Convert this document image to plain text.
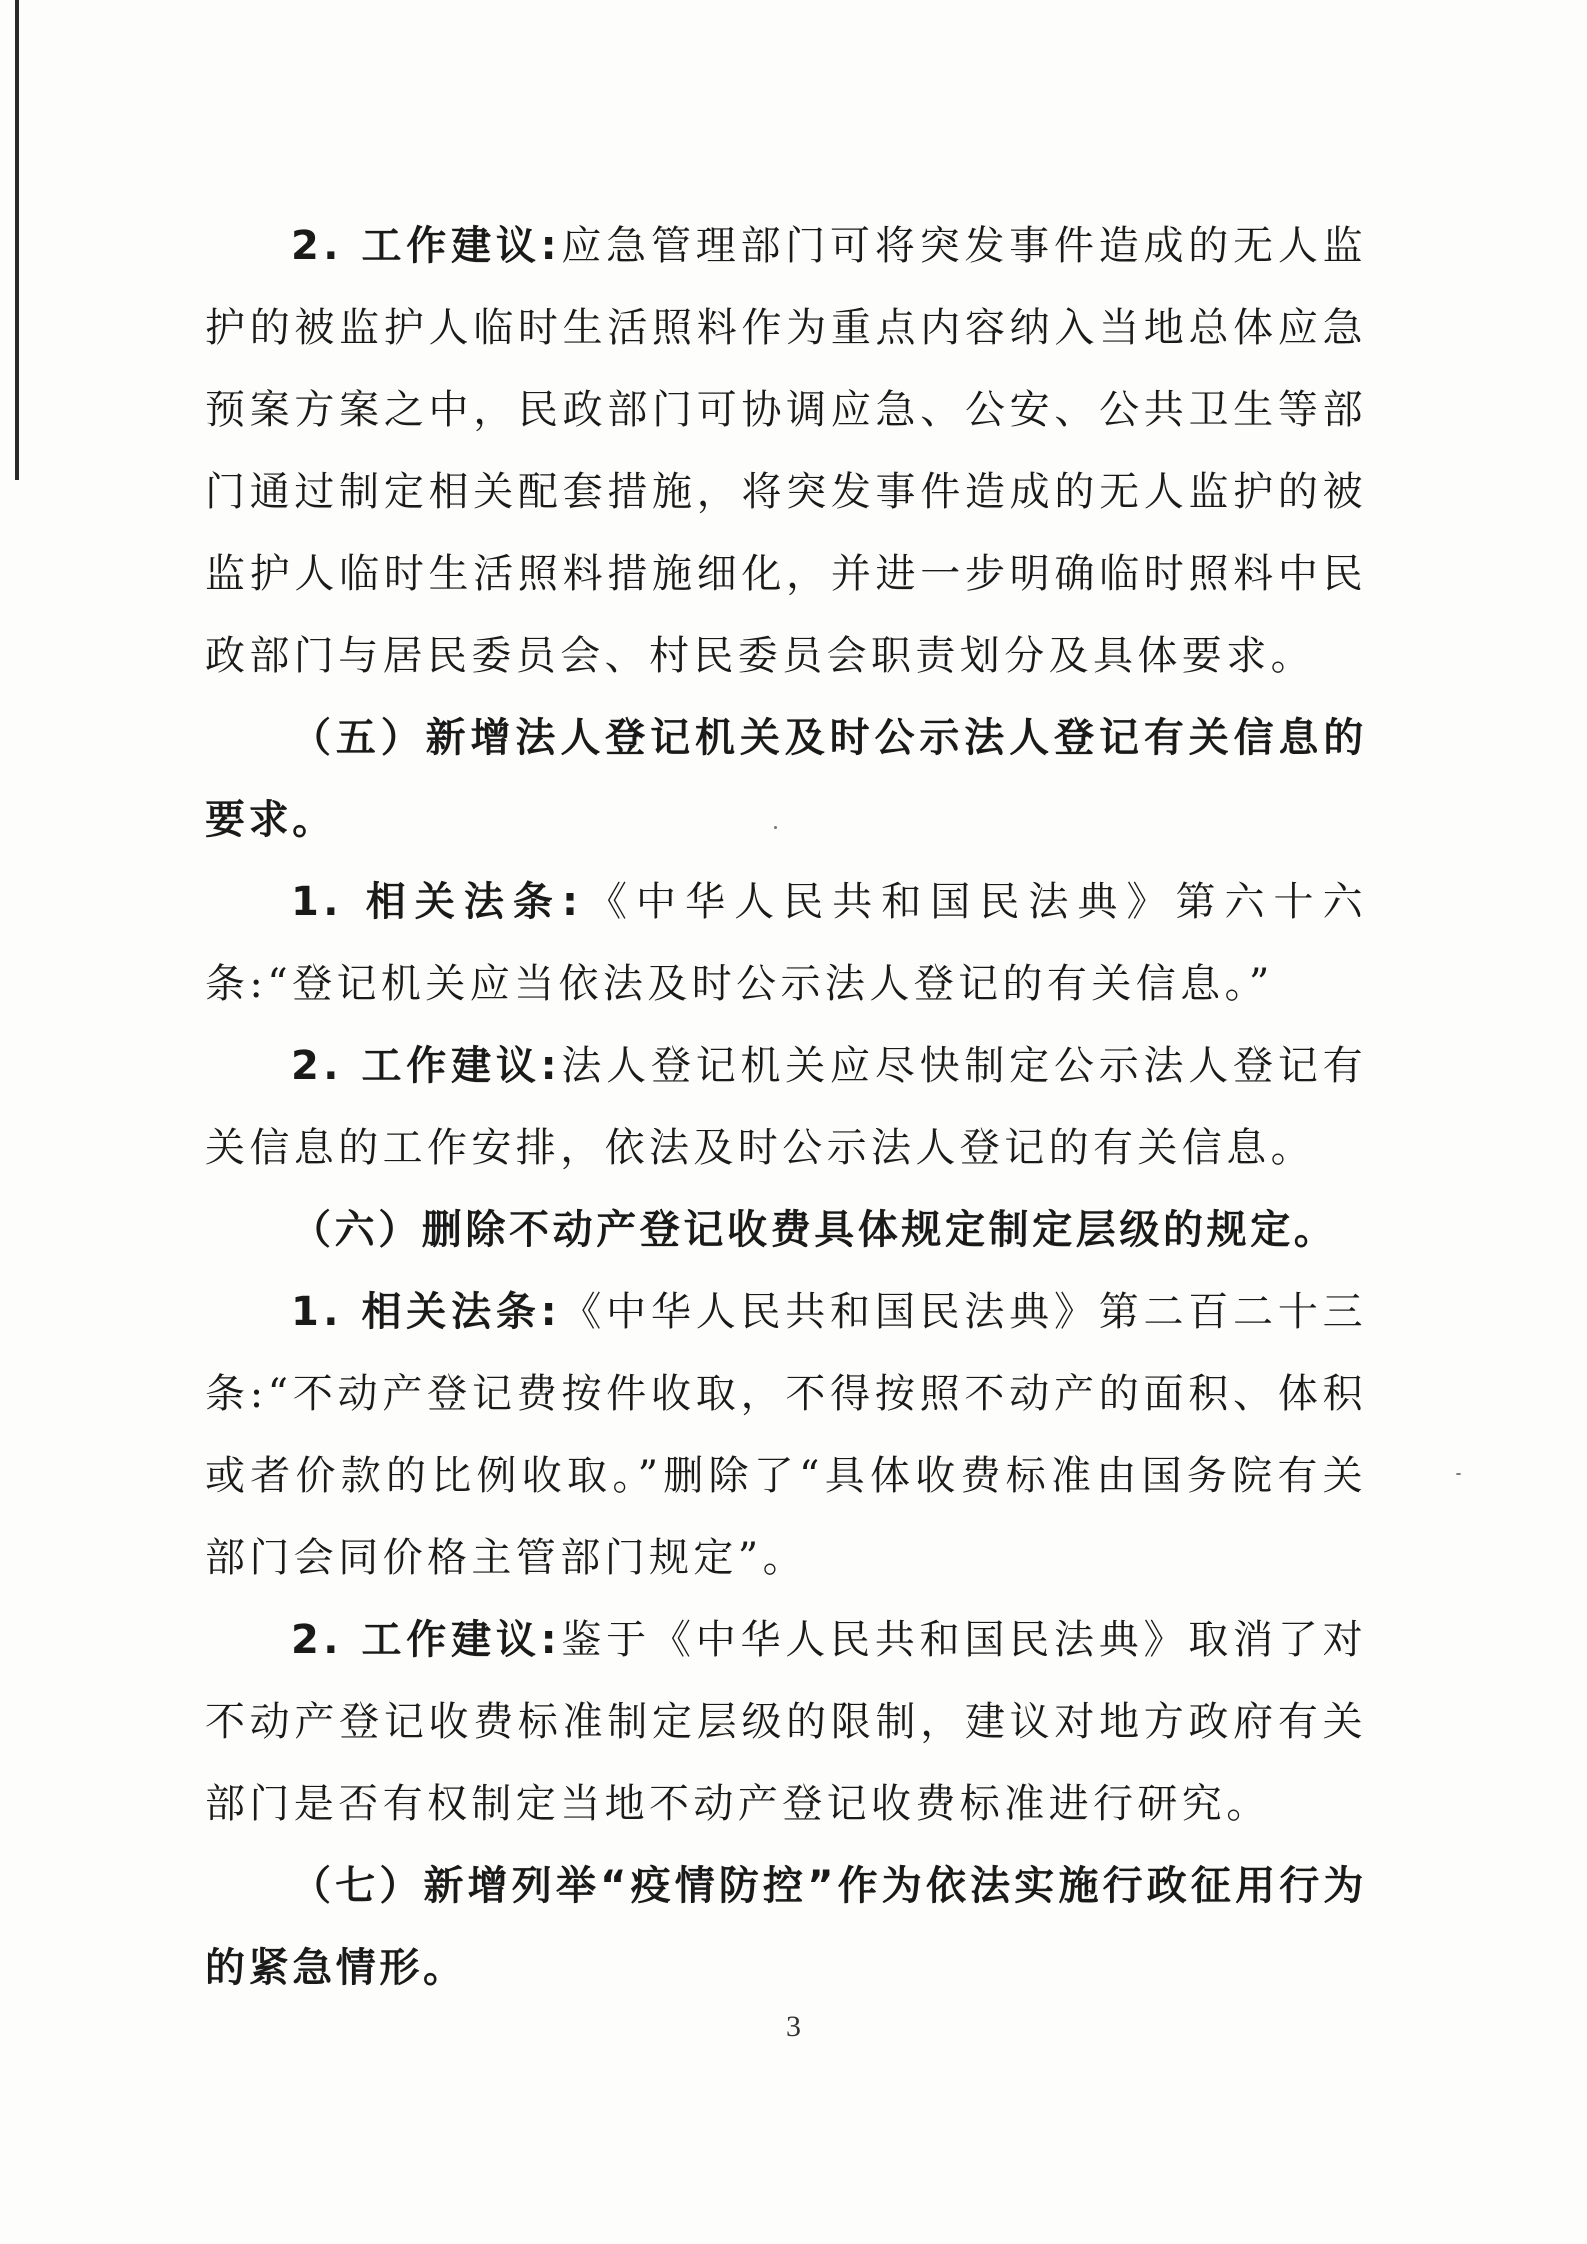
2. 工作建议:应急管理部门可将突发事件造成的无人监护的被监护人临时生活照料作为重点内容纳入当地总体应急预案方案之中，民政部门可协调应急、公安、公共卫生等部门通过制定相关配套措施，将突发事件造成的无人监护的被监护人临时生活照料措施细化，并进一步明确临时照料中民政部门与居民委员会、村民委员会职责划分及具体要求。

（五）新增法人登记机关及时公示法人登记有关信息的要求。

1. 相关法条:《中华人民共和国民法典》第六十六条:“登记机关应当依法及时公示法人登记的有关信息。”

2. 工作建议:法人登记机关应尽快制定公示法人登记有关信息的工作安排，依法及时公示法人登记的有关信息。

（六）删除不动产登记收费具体规定制定层级的规定。

1. 相关法条:《中华人民共和国民法典》第二百二十三条:“不动产登记费按件收取，不得按照不动产的面积、体积或者价款的比例收取。”删除了“具体收费标准由国务院有关部门会同价格主管部门规定”。

2. 工作建议:鉴于《中华人民共和国民法典》取消了对不动产登记收费标准制定层级的限制，建议对地方政府有关部门是否有权制定当地不动产登记收费标准进行研究。

（七）新增列举“疫情防控”作为依法实施行政征用行为的紧急情形。

3
